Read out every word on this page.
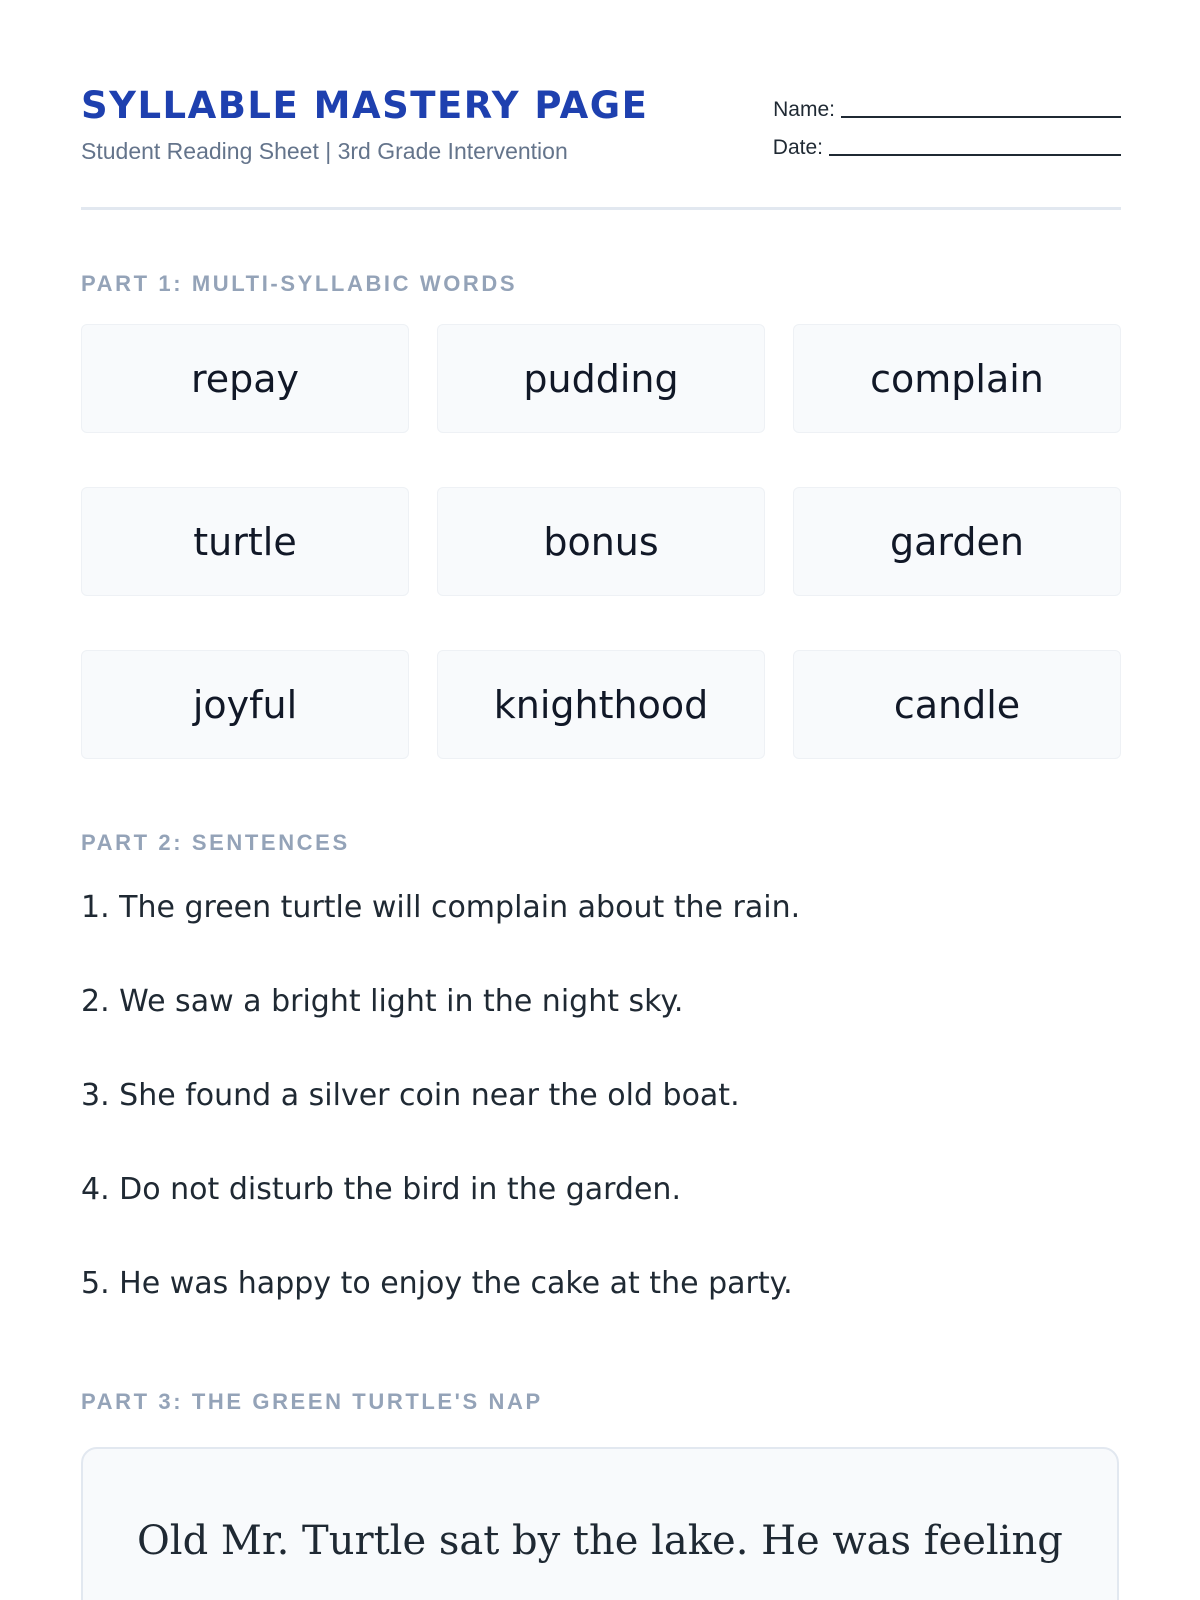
SYLLABLE MASTERY PAGE
Student Reading Sheet | 3rd Grade Intervention
Name:
Date:
PART 1: MULTI-SYLLABIC WORDS
repay	pudding	complain
turtle	bonus	garden
joyful	knighthood	candle
PART 2: SENTENCES
1. The green turtle will complain about the rain.
2. We saw a bright light in the night sky.
3. She found a silver coin near the old boat.
4. Do not disturb the bird in the garden.
5. He was happy to enjoy the cake at the party.
PART 3: THE GREEN TURTLE'S NAP

Old Mr. Turtle sat by the lake. He was feeling
